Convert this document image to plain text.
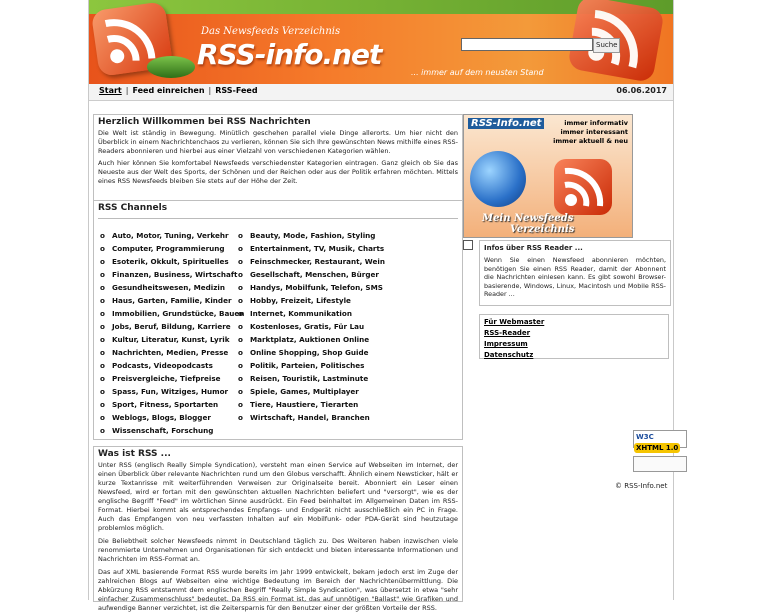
Das Newsfeeds Verzeichnis
RSS-info.net
... immer auf dem neusten Stand
Suche
Start | Feed einreichen | RSS-Feed	06.06.2017
Herzlich Willkommen bei RSS Nachrichten

Die Welt ist ständig in Bewegung. Minütlich geschehen parallel viele Dinge allerorts. Um hier nicht den Überblick in einem Nachrichtenchaos zu verlieren, können Sie sich Ihre gewünschten News mithilfe eines RSS-Readers abonnieren und hierbei aus einer Vielzahl von verschiedenen Kategorien wählen.

Auch hier können Sie komfortabel Newsfeeds verschiedenster Kategorien eintragen. Ganz gleich ob Sie das Neueste aus der Welt des Sports, der Schönen und der Reichen oder aus der Politik erfahren möchten. Mittels eines RSS Newsfeeds bleiben Sie stets auf der Höhe der Zeit.

RSS Channels
o Auto, Motor, Tuning, Verkehr
o Computer, Programmierung
o Esoterik, Okkult, Spirituelles
o Finanzen, Business, Wirtschaft
o Gesundheitswesen, Medizin
o Haus, Garten, Familie, Kinder
o Immobilien, Grundstücke, Bauen
o Jobs, Beruf, Bildung, Karriere
o Kultur, Literatur, Kunst, Lyrik
o Nachrichten, Medien, Presse
o Podcasts, Videopodcasts
o Preisvergleiche, Tiefpreise
o Spass, Fun, Witziges, Humor
o Sport, Fitness, Sportarten
o Weblogs, Blogs, Blogger
o Wissenschaft, Forschung
o Beauty, Mode, Fashion, Styling
o Entertainment, TV, Musik, Charts
o Feinschmecker, Restaurant, Wein
o Gesellschaft, Menschen, Bürger
o Handys, Mobilfunk, Telefon, SMS
o Hobby, Freizeit, Lifestyle
o Internet, Kommunikation
o Kostenloses, Gratis, Für Lau
o Marktplatz, Auktionen Online
o Online Shopping, Shop Guide
o Politik, Parteien, Politisches
o Reisen, Touristik, Lastminute
o Spiele, Games, Multiplayer
o Tiere, Haustiere, Tierarten
o Wirtschaft, Handel, Branchen
Was ist RSS ...

Unter RSS (englisch Really Simple Syndication), versteht man einen Service auf Webseiten im Internet, der einen Überblick über relevante Nachrichten rund um den Globus verschafft. Ähnlich einem Newsticker, hält er kurze Textanrisse mit weiterführenden Verweisen zur Originalseite bereit. Abonniert ein Leser einen Newsfeed, wird er fortan mit den gewünschten aktuellen Nachrichten beliefert und "versorgt", wie es der englische Begriff "Feed" im wörtlichen Sinne ausdrückt. Ein Feed beinhaltet im Allgemeinen Daten im RSS-Format. Hierbei kommt als entsprechendes Empfangs- und Endgerät nicht ausschließlich ein PC in Frage. Auch das Empfangen von neu verfassten Inhalten auf ein Mobilfunk- oder PDA-Gerät sind heutzutage problemlos möglich.

Die Beliebtheit solcher Newsfeeds nimmt in Deutschland täglich zu. Des Weiteren haben inzwischen viele renommierte Unternehmen und Organisationen für sich entdeckt und bieten interessante Informationen und Nachrichten im RSS-Format an.

Das auf XML basierende Format RSS wurde bereits im Jahr 1999 entwickelt, bekam jedoch erst im Zuge der zahlreichen Blogs auf Webseiten eine wichtige Bedeutung im Bereich der Nachrichtenübermittlung. Die Abkürzung RSS entstammt dem englischen Begriff "Really Simple Syndication", was übersetzt in etwa "sehr einfacher Zusammenschluss" bedeutet. Da RSS ein Format ist, das auf unnötigen "Ballast" wie Grafiken und aufwendige Banner verzichtet, ist die Zeitersparnis für den Benutzer einer der größten Vorteile der RSS.

RSS-Info.net	immer informativ
immer interessant
immer aktuell & neu
Mein Newsfeeds
Verzeichnis
Infos über RSS Reader ...

Wenn Sie einen Newsfeed abonnieren möchten, benötigen Sie einen RSS Reader, damit der Abonnent die Nachrichten einlesen kann. Es gibt sowohl Browser-basierende, Windows, Linux, Macintosh und Mobile RSS-Reader ...

Für Webmaster
RSS-Reader
Impressum
Datenschutz
W3CXHTML 1.0
© RSS-Info.net
